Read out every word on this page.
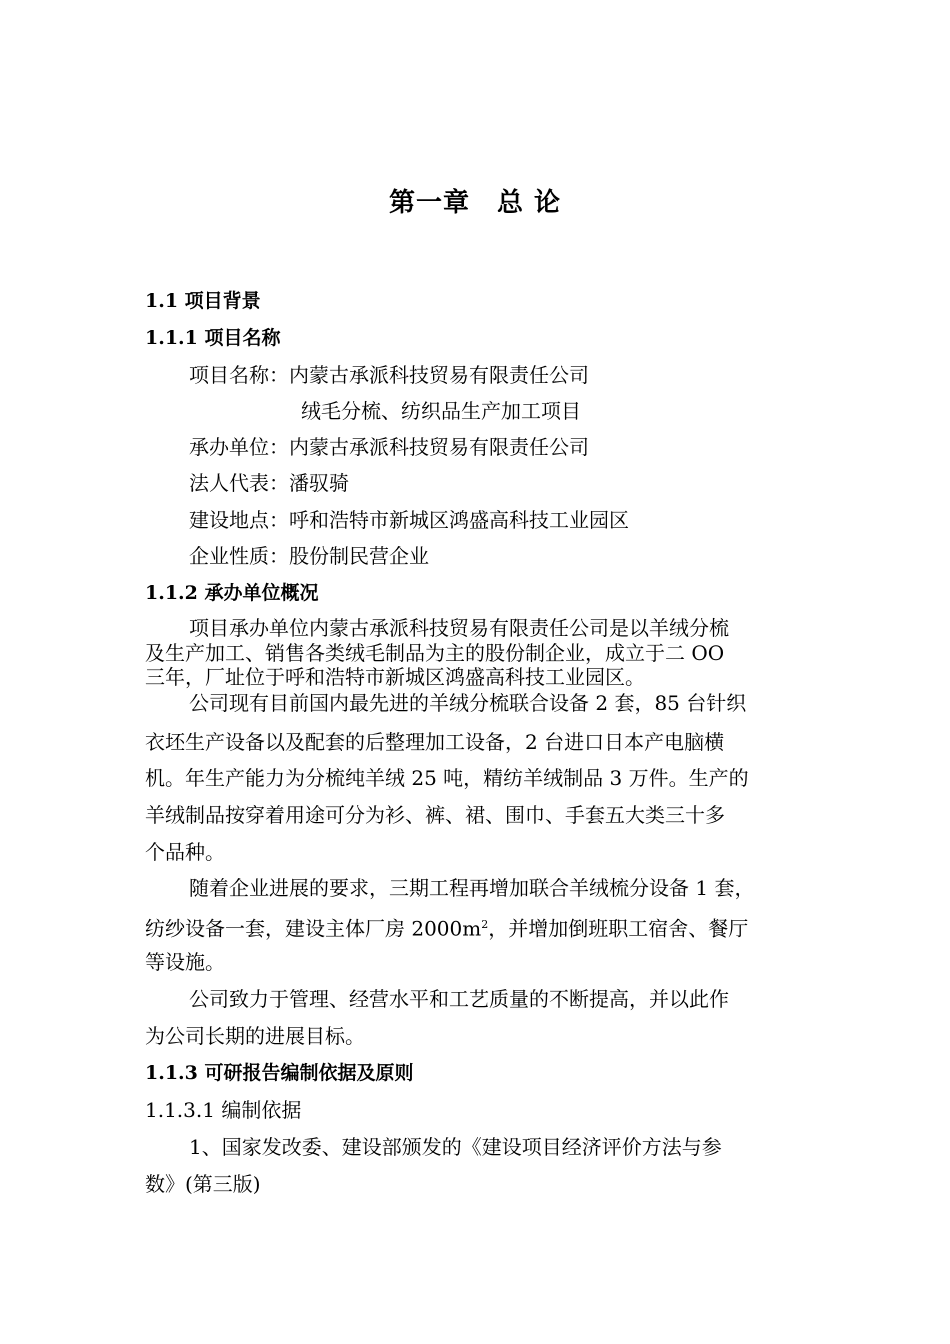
第一章　总 论
1.1 项目背景
1.1.1 项目名称
项目名称：内蒙古承派科技贸易有限责任公司
绒毛分梳、纺织品生产加工项目
承办单位：内蒙古承派科技贸易有限责任公司
法人代表：潘驭骑
建设地点：呼和浩特市新城区鸿盛高科技工业园区
企业性质：股份制民营企业
1.1.2 承办单位概况
项目承办单位内蒙古承派科技贸易有限责任公司是以羊绒分梳
及生产加工、销售各类绒毛制品为主的股份制企业，成立于二 OO
三年，厂址位于呼和浩特市新城区鸿盛高科技工业园区。
公司现有目前国内最先进的羊绒分梳联合设备 2 套，85 台针织
衣坯生产设备以及配套的后整理加工设备，2 台进口日本产电脑横
机。年生产能力为分梳纯羊绒 25 吨，精纺羊绒制品 3 万件。生产的
羊绒制品按穿着用途可分为衫、裤、裙、围巾、手套五大类三十多
个品种。
随着企业进展的要求，三期工程再增加联合羊绒梳分设备 1 套，
纺纱设备一套，建设主体厂房 $2000m^2$，并增加倒班职工宿舍、餐厅
等设施。
公司致力于管理、经营水平和工艺质量的不断提高，并以此作
为公司长期的进展目标。
1.1.3 可研报告编制依据及原则
1.1.3.1 编制依据
1、国家发改委、建设部颁发的《建设项目经济评价方法与参
数》(第三版)
